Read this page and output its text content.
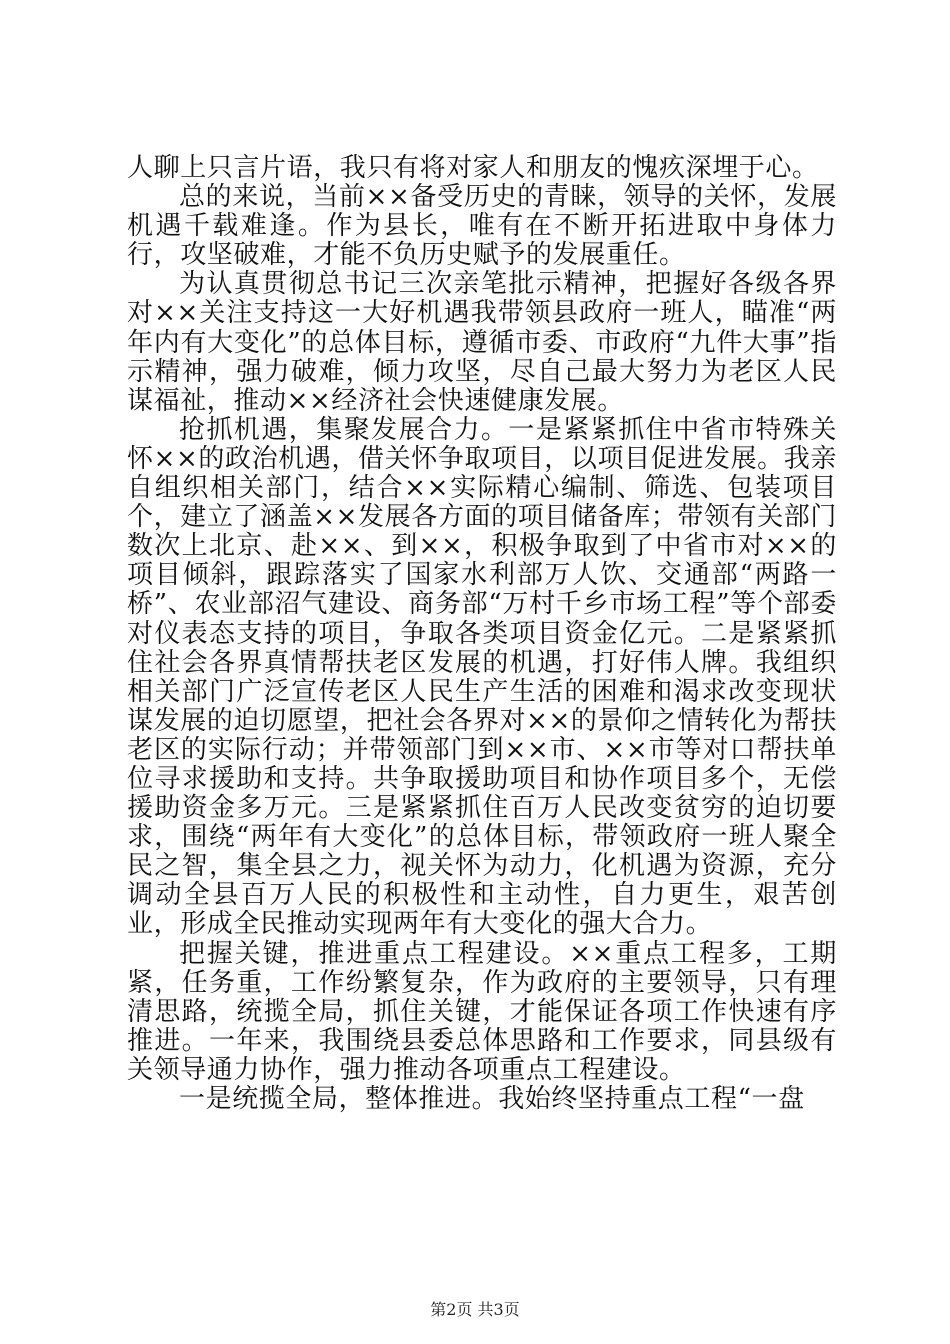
人聊上只言片语，我只有将对家人和朋友的愧疚深埋于心。

总的来说，当前××备受历史的青睐，领导的关怀，发展机遇千载难逢。作为县长，唯有在不断开拓进取中身体力行，攻坚破难，才能不负历史赋予的发展重任。

为认真贯彻总书记三次亲笔批示精神，把握好各级各界对××关注支持这一大好机遇我带领县政府一班人，瞄准“两年内有大变化”的总体目标，遵循市委、市政府“九件大事”指示精神，强力破难，倾力攻坚，尽自己最大努力为老区人民谋福祉，推动××经济社会快速健康发展。

抢抓机遇，集聚发展合力。一是紧紧抓住中省市特殊关怀××的政治机遇，借关怀争取项目，以项目促进发展。我亲自组织相关部门，结合××实际精心编制、筛选、包装项目个，建立了涵盖××发展各方面的项目储备库；带领有关部门数次上北京、赴××、到××，积极争取到了中省市对××的项目倾斜，跟踪落实了国家水利部万人饮、交通部“两路一桥”、农业部沼气建设、商务部“万村千乡市场工程”等个部委对仪表态支持的项目，争取各类项目资金亿元。二是紧紧抓住社会各界真情帮扶老区发展的机遇，打好伟人牌。我组织相关部门广泛宣传老区人民生产生活的困难和渴求改变现状谋发展的迫切愿望，把社会各界对××的景仰之情转化为帮扶老区的实际行动；并带领部门到××市、××市等对口帮扶单位寻求援助和支持。共争取援助项目和协作项目多个，无偿援助资金多万元。三是紧紧抓住百万人民改变贫穷的迫切要求，围绕“两年有大变化”的总体目标，带领政府一班人聚全民之智，集全县之力，视关怀为动力，化机遇为资源，充分调动全县百万人民的积极性和主动性，自力更生，艰苦创业，形成全民推动实现两年有大变化的强大合力。

把握关键，推进重点工程建设。××重点工程多，工期紧，任务重，工作纷繁复杂，作为政府的主要领导，只有理清思路，统揽全局，抓住关键，才能保证各项工作快速有序推进。一年来，我围绕县委总体思路和工作要求，同县级有关领导通力协作，强力推动各项重点工程建设。

一是统揽全局，整体推进。我始终坚持重点工程“一盘

第2页 共3页
